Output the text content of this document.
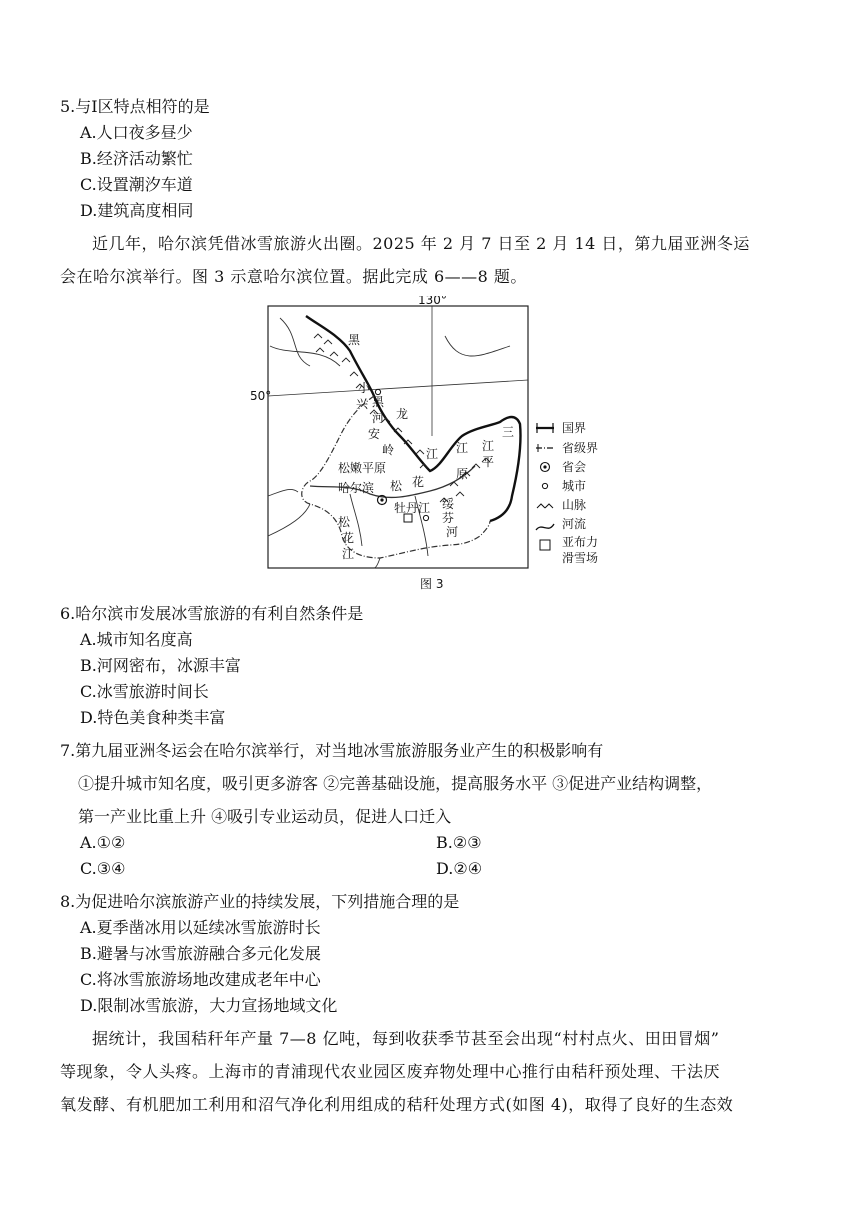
5.与Ⅰ区特点相符的是
A.人口夜多昼少
B.经济活动繁忙
C.设置潮汐车道
D.建筑高度相同
近几年，哈尔滨凭借冰雪旅游火出圈。2025 年 2 月 7 日至 2 月 14 日，第九届亚洲冬运
会在哈尔滨举行。图 3 示意哈尔滨位置。据此完成 6——8 题。
130°
50°
黑
小
兴 黑
河 龙
安
岭	江
松嫩平原
哈尔滨 松 花
江
原
平
江
三
绥
芬
河
牡丹江
松
花
江
国界
省级界
省会
城市
山脉
河流
亚布力
滑雪场
图 3
6.哈尔滨市发展冰雪旅游的有利自然条件是
A.城市知名度高
B.河网密布，冰源丰富
C.冰雪旅游时间长
D.特色美食种类丰富
7.第九届亚洲冬运会在哈尔滨举行，对当地冰雪旅游服务业产生的积极影响有
①提升城市知名度，吸引更多游客 ②完善基础设施，提高服务水平 ③促进产业结构调整，
第一产业比重上升 ④吸引专业运动员，促进人口迁入
A.①②	B.②③
C.③④	D.②④
8.为促进哈尔滨旅游产业的持续发展，下列措施合理的是
A.夏季凿冰用以延续冰雪旅游时长
B.避暑与冰雪旅游融合多元化发展
C.将冰雪旅游场地改建成老年中心
D.限制冰雪旅游，大力宣扬地域文化
据统计，我国秸秆年产量 7—8 亿吨，每到收获季节甚至会出现“村村点火、田田冒烟”
等现象，令人头疼。上海市的青浦现代农业园区废弃物处理中心推行由秸秆预处理、干法厌
氧发酵、有机肥加工利用和沼气净化利用组成的秸秆处理方式(如图 4)，取得了良好的生态效
